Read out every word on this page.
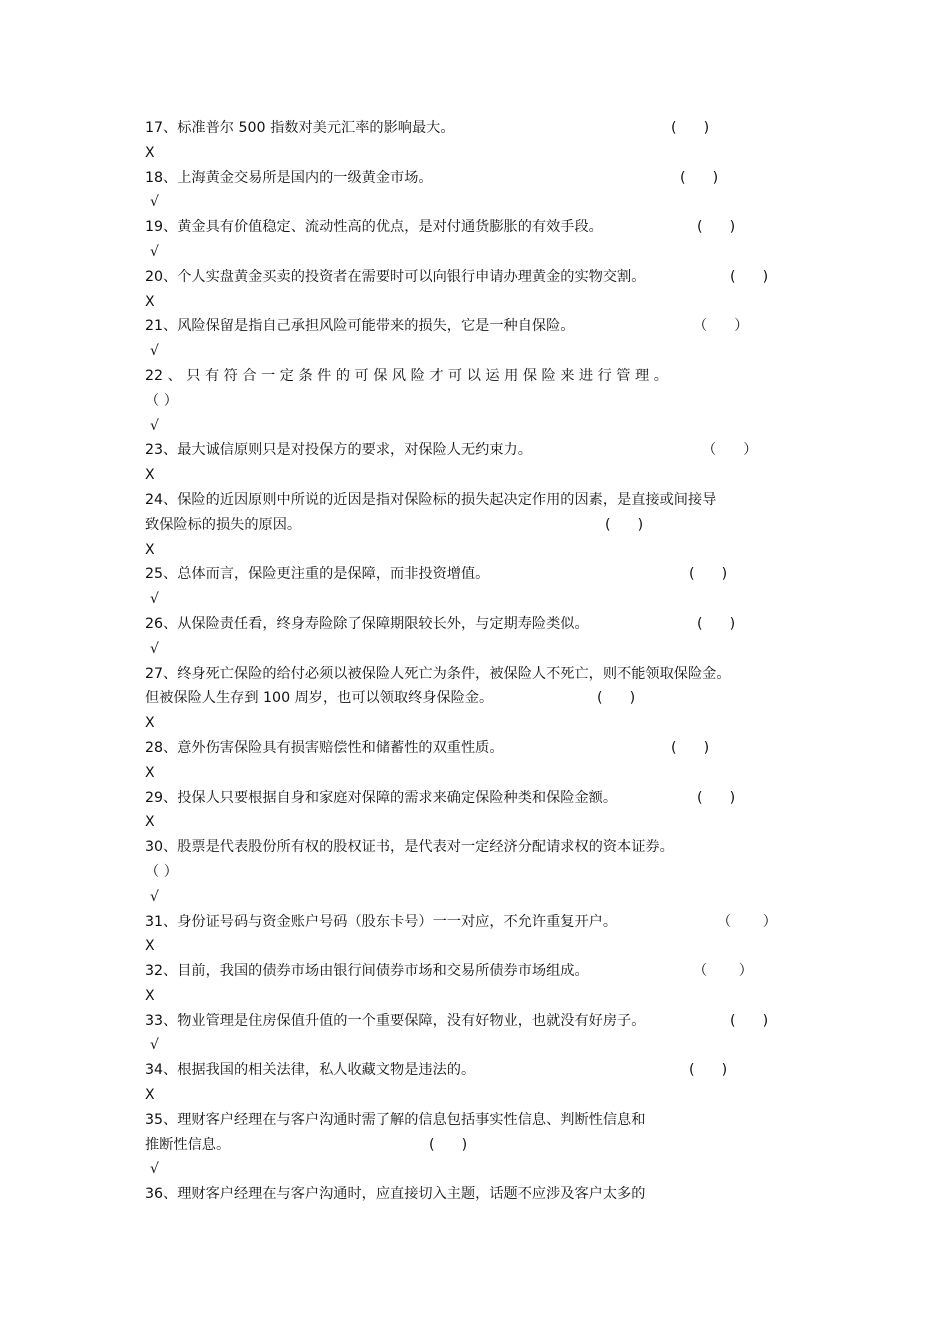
17、标准普尔 500 指数对美元汇率的影响最大。	(      )
X
18、上海黄金交易所是国内的一级黄金市场。	(      )
√
19、黄金具有价值稳定、流动性高的优点，是对付通货膨胀的有效手段。	(      )
√
20、个人实盘黄金买卖的投资者在需要时可以向银行申请办理黄金的实物交割。	(      )
X
21、风险保留是指自己承担风险可能带来的损失，它是一种自保险。	（      ）
√
22 、 只 有 符 合 一 定 条 件 的 可 保 风 险 才 可 以 运 用 保 险 来 进 行 管 理 。
（ ）
√
23、最大诚信原则只是对投保方的要求，对保险人无约束力。	（      ）
X
24、保险的近因原则中所说的近因是指对保险标的损失起决定作用的因素，是直接或间接导
致保险标的损失的原因。	(      )
X
25、总体而言，保险更注重的是保障，而非投资增值。	(      )
√
26、从保险责任看，终身寿险除了保障期限较长外，与定期寿险类似。	(      )
√
27、终身死亡保险的给付必须以被保险人死亡为条件，被保险人不死亡，则不能领取保险金。
但被保险人生存到 100 周岁，也可以领取终身保险金。	(      )
X
28、意外伤害保险具有损害赔偿性和储蓄性的双重性质。	(      )
X
29、投保人只要根据自身和家庭对保障的需求来确定保险种类和保险金额。	(      )
X
30、股票是代表股份所有权的股权证书，是代表对一定经济分配请求权的资本证券。
（ ）
√
31、身份证号码与资金账户号码（股东卡号）一一对应，不允许重复开户。	（       ）
X
32、目前，我国的债券市场由银行间债券市场和交易所债券市场组成。	（       ）
X
33、物业管理是住房保值升值的一个重要保障，没有好物业，也就没有好房子。	(      )
√
34、根据我国的相关法律，私人收藏文物是违法的。	(      )
X
35、理财客户经理在与客户沟通时需了解的信息包括事实性信息、判断性信息和
推断性信息。	(      )
√
36、理财客户经理在与客户沟通时，应直接切入主题，话题不应涉及客户太多的
